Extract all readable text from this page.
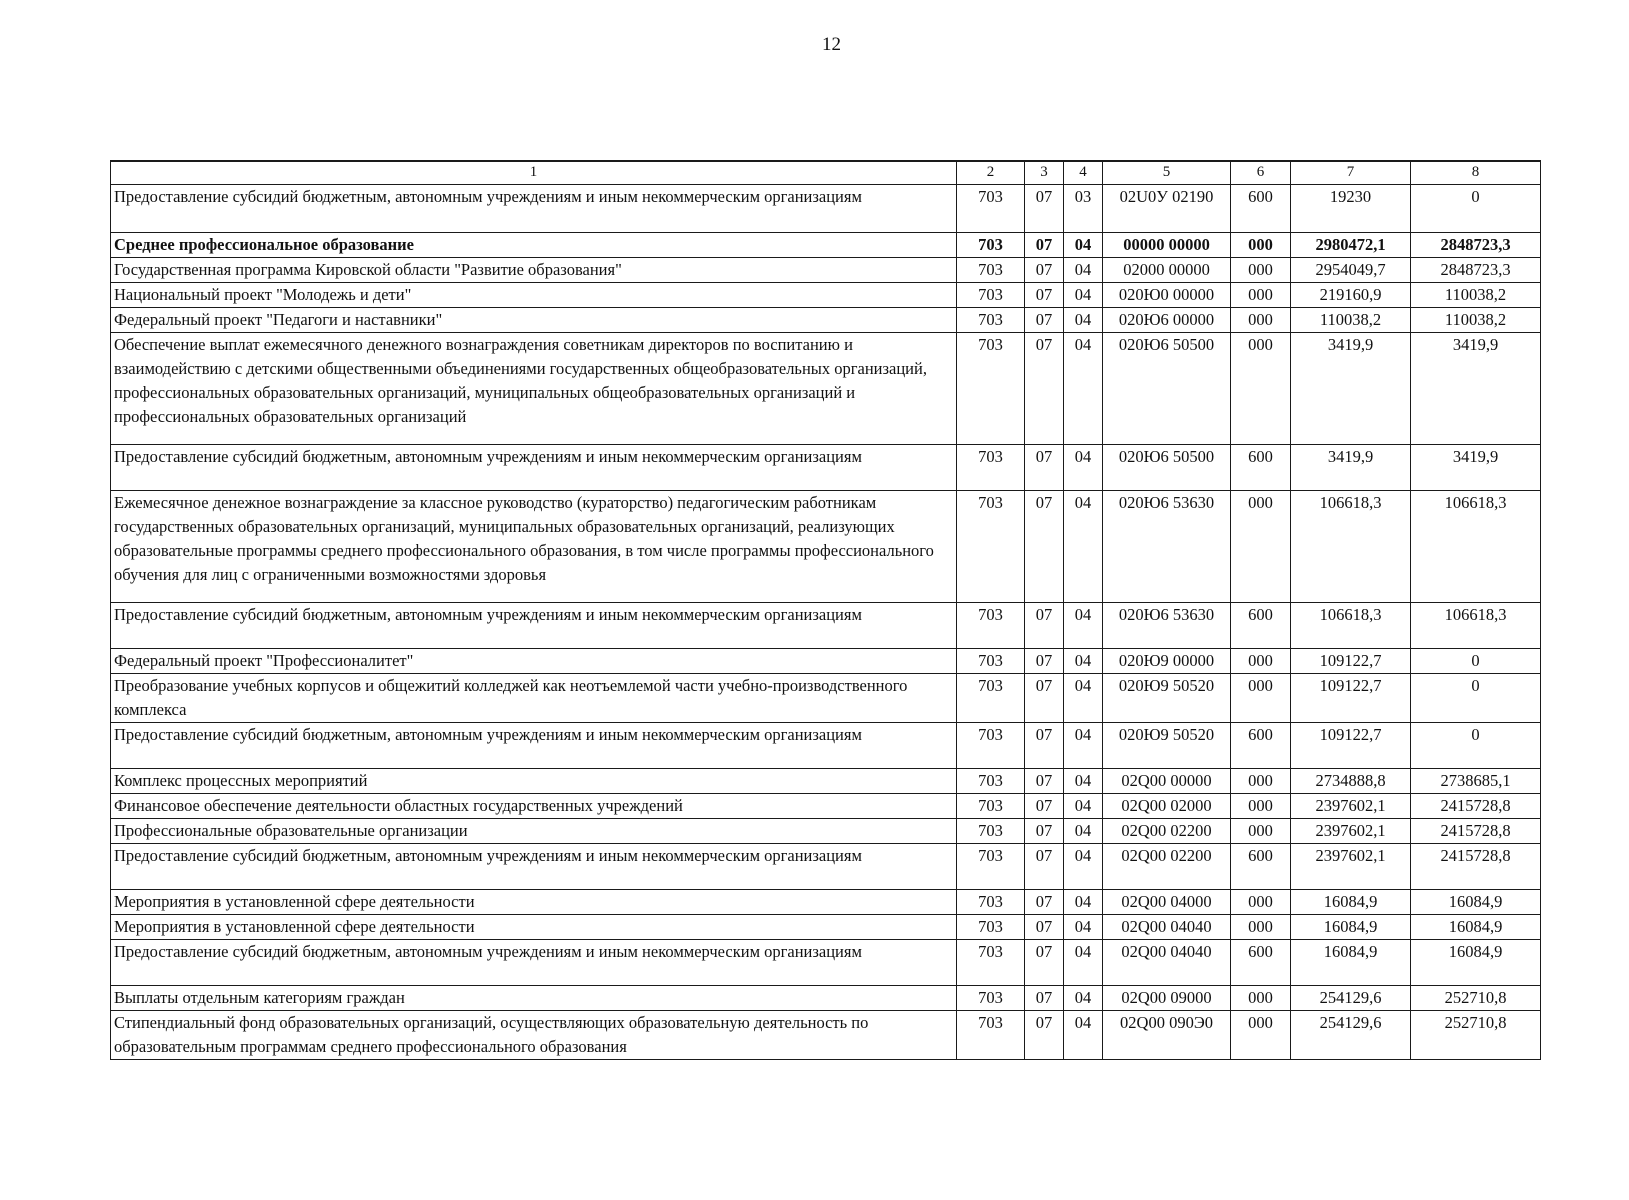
12
1	2	3	4	5	6	7	8
Предоставление субсидий бюджетным, автономным учреждениям и иным некоммерческим организациям	703	07	03	02U0У 02190	600	19230	0
Среднее профессиональное образование	703	07	04	00000 00000	000	2980472,1	2848723,3
Государственная программа Кировской области "Развитие образования"	703	07	04	02000 00000	000	2954049,7	2848723,3
Национальный проект "Молодежь и дети"	703	07	04	020Ю0 00000	000	219160,9	110038,2
Федеральный проект "Педагоги и наставники"	703	07	04	020Ю6 00000	000	110038,2	110038,2
Обеспечение выплат ежемесячного денежного вознаграждения советникам директоров по воспитанию и взаимодействию с детскими общественными объединениями государственных общеобразовательных организаций, профессиональных образовательных организаций, муниципальных общеобразовательных организаций и профессиональных образовательных организаций	703	07	04	020Ю6 50500	000	3419,9	3419,9
Предоставление субсидий бюджетным, автономным учреждениям и иным некоммерческим организациям	703	07	04	020Ю6 50500	600	3419,9	3419,9
Ежемесячное денежное вознаграждение за классное руководство (кураторство) педагогическим работникам государственных образовательных организаций, муниципальных образовательных организаций, реализующих образовательные программы среднего профессионального образования, в том числе программы профессионального обучения для лиц с ограниченными возможностями здоровья	703	07	04	020Ю6 53630	000	106618,3	106618,3
Предоставление субсидий бюджетным, автономным учреждениям и иным некоммерческим организациям	703	07	04	020Ю6 53630	600	106618,3	106618,3
Федеральный проект "Профессионалитет"	703	07	04	020Ю9 00000	000	109122,7	0
Преобразование учебных корпусов и общежитий колледжей как неотъемлемой части учебно-производственного комплекса	703	07	04	020Ю9 50520	000	109122,7	0
Предоставление субсидий бюджетным, автономным учреждениям и иным некоммерческим организациям	703	07	04	020Ю9 50520	600	109122,7	0
Комплекс процессных мероприятий	703	07	04	02Q00 00000	000	2734888,8	2738685,1
Финансовое обеспечение деятельности областных государственных учреждений	703	07	04	02Q00 02000	000	2397602,1	2415728,8
Профессиональные образовательные организации	703	07	04	02Q00 02200	000	2397602,1	2415728,8
Предоставление субсидий бюджетным, автономным учреждениям и иным некоммерческим организациям	703	07	04	02Q00 02200	600	2397602,1	2415728,8
Мероприятия в установленной сфере деятельности	703	07	04	02Q00 04000	000	16084,9	16084,9
Мероприятия в установленной сфере деятельности	703	07	04	02Q00 04040	000	16084,9	16084,9
Предоставление субсидий бюджетным, автономным учреждениям и иным некоммерческим организациям	703	07	04	02Q00 04040	600	16084,9	16084,9
Выплаты отдельным категориям граждан	703	07	04	02Q00 09000	000	254129,6	252710,8
Стипендиальный фонд образовательных организаций, осуществляющих образовательную деятельность по образовательным программам среднего профессионального образования	703	07	04	02Q00 090Э0	000	254129,6	252710,8
